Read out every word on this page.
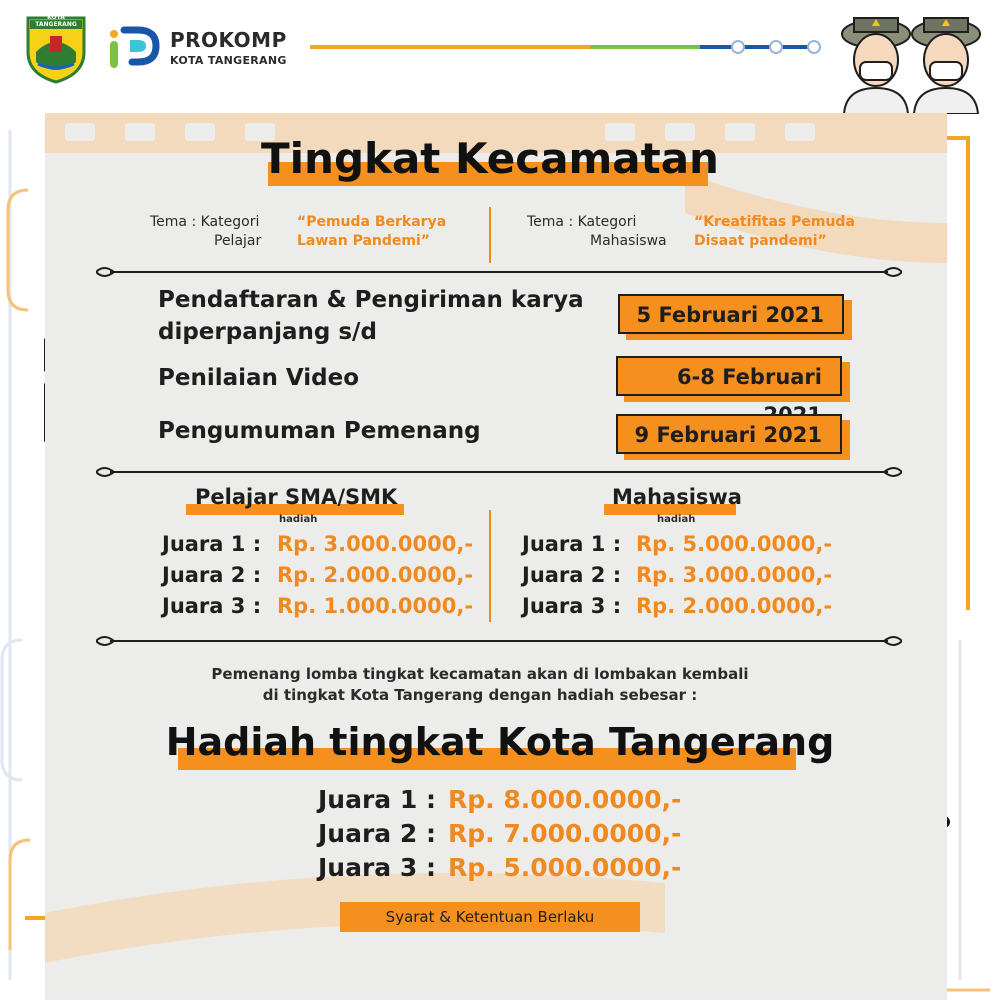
KOTA TANGERANG
PROKOMP
KOTA TANGERANG
Tingkat Kecamatan
Tema : Kategori
Pelajar
“Pemuda Berkarya
Lawan Pandemi”
Tema : Kategori
Mahasiswa
“Kreatifitas Pemuda
Disaat pandemi”
Pendaftaran & Pengiriman karya
diperpanjang s/d
5 Februari 2021
Penilaian Video	6-8 Februari
Pengumuman Pemenang	9 Februari 2021
Pelajar SMA/SMK
hadiah
Juara 1 : Rp. 3.000.0000,-
Juara 2 : Rp. 2.000.0000,-
Juara 3 : Rp. 1.000.0000,-
Mahasiswa
hadiah
Juara 1 : Rp. 5.000.0000,-
Juara 2 : Rp. 3.000.0000,-
Juara 3 : Rp. 2.000.0000,-
Pemenang lomba tingkat kecamatan akan di lombakan kembali
di tingkat Kota Tangerang dengan hadiah sebesar :
Hadiah tingkat Kota Tangerang
Juara 1 : Rp. 8.000.0000,-
Juara 2 : Rp. 7.000.0000,-
Juara 3 : Rp. 5.000.0000,-
Syarat & Ketentuan Berlaku
